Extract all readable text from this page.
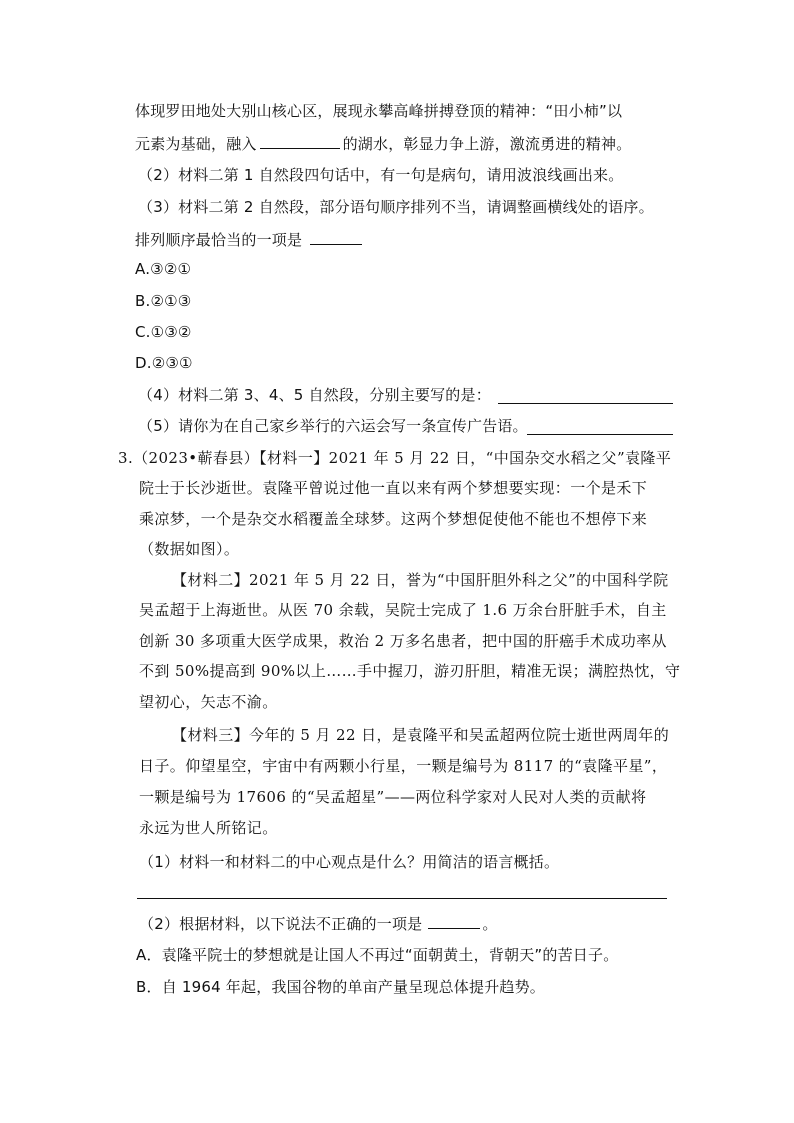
体现罗田地处大别山核心区，展现永攀高峰拼搏登顶的精神：“田小柿”以
元素为基础，融入	的湖水，彰显力争上游，激流勇进的精神。
（2）材料二第 1 自然段四句话中，有一句是病句，请用波浪线画出来。
（3）材料二第 2 自然段，部分语句顺序排列不当，请调整画横线处的语序。
排列顺序最恰当的一项是
A.③②①
B.②①③
C.①③②
D.②③①
（4）材料二第 3、4、5 自然段，分别主要写的是：
（5）请你为在自己家乡举行的六运会写一条宣传广告语。
3.（2023•蕲春县）【材料一】2021 年 5 月 22 日，“中国杂交水稻之父”袁隆平
院士于长沙逝世。袁隆平曾说过他一直以来有两个梦想要实现：一个是禾下
乘凉梦，一个是杂交水稻覆盖全球梦。这两个梦想促使他不能也不想停下来
（数据如图）。
【材料二】2021 年 5 月 22 日，誉为“中国肝胆外科之父”的中国科学院
吴孟超于上海逝世。从医 70 余载，吴院士完成了 1.6 万余台肝脏手术，自主
创新 30 多项重大医学成果，救治 2 万多名患者，把中国的肝癌手术成功率从
不到 50%提高到 90%以上……手中握刀，游刃肝胆，精准无误；满腔热忱，守
望初心，矢志不渝。
【材料三】今年的 5 月 22 日，是袁隆平和吴孟超两位院士逝世两周年的
日子。仰望星空，宇宙中有两颗小行星，一颗是编号为 8117 的“袁隆平星”，
一颗是编号为 17606 的“吴孟超星”——两位科学家对人民对人类的贡献将
永远为世人所铭记。
（1）材料一和材料二的中心观点是什么？用简洁的语言概括。
（2）根据材料，以下说法不正确的一项是	。
A．袁隆平院士的梦想就是让国人不再过“面朝黄土，背朝天”的苦日子。
B．自 1964 年起，我国谷物的单亩产量呈现总体提升趋势。
